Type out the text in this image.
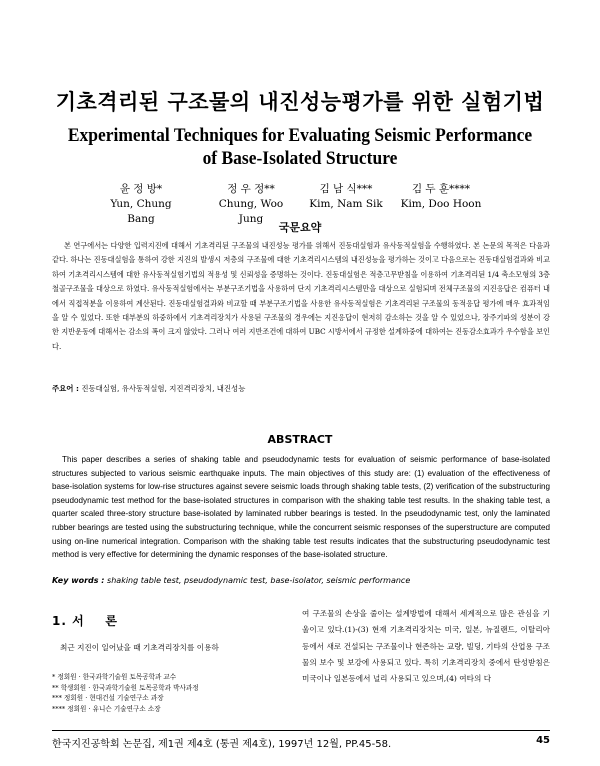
기초격리된 구조물의 내진성능평가를 위한 실험기법
Experimental Techniques for Evaluating Seismic Performance
of Base-Isolated Structure
윤 정 방*
Yun, Chung Bang
정 우 정**
Chung, Woo Jung
김 남 식***
Kim, Nam Sik
김 두 훈****
Kim, Doo Hoon
국문요약
본 연구에서는 다양한 입력지진에 대해서 기초격리된 구조물의 내진성능 평가를 위해서 진동대실험과 유사동적실험을 수행하였다. 본 논문의 목적은 다음과 같다. 하나는 진동대실험을 통하여 강한 지진의 발생시 저층의 구조물에 대한 기초격리시스템의 내진성능을 평가하는 것이고 다음으로는 진동대실험결과와 비교하여 기초격리시스템에 대한 유사동적실험기법의 적용성 및 신뢰성을 증명하는 것이다. 진동대실험은 적층고무받침을 이용하여 기초격리된 1/4 축소모형의 3층 철골구조물을 대상으로 하였다. 유사동적실험에서는 부분구조기법을 사용하여 단지 기초격리시스템만을 대상으로 실험되며 전체구조물의 지진응답은 컴퓨터 내에서 직접적분을 이용하여 계산된다. 진동대실험결과와 비교할 때 부분구조기법을 사용한 유사동적실험은 기초격리된 구조물의 동적응답 평가에 매우 효과적임을 알 수 있었다. 또한 대부분의 하중하에서 기초격리장치가 사용된 구조물의 경우에는 지진응답이 현저히 감소하는 것을 알 수 있었으나, 장주기파의 성분이 강한 지반운동에 대해서는 감소의 폭이 크지 않았다. 그러나 여러 지반조건에 대하여 UBC 시방서에서 규정한 설계하중에 대하여는 진동감소효과가 우수함을 보인다.
주요어 : 진동대실험, 유사동적실험, 지진격리장치, 내진성능
ABSTRACT
This paper describes a series of shaking table and pseudodynamic tests for evaluation of seismic performance of base-isolated structures subjected to various seismic earthquake inputs. The main objectives of this study are: (1) evaluation of the effectiveness of base-isolation systems for low-rise structures against severe seismic loads through shaking table tests, (2) verification of the substructuring pseudodynamic test method for the base-isolated structures in comparison with the shaking table test results. In the shaking table test, a quarter scaled three-story structure base-isolated by laminated rubber bearings is tested. In the pseudodynamic test, only the laminated rubber bearings are tested using the substructuring technique, while the concurrent seismic responses of the superstructure are computed using on-line numerical integration. Comparison with the shaking table test results indicates that the substructuring pseudodynamic test method is very effective for determining the dynamic responses of the base-isolated structure.
Key words : shaking table test, pseudodynamic test, base-isolator, seismic performance
1. 서    론
최근 지진이 일어났을 때 기초격리장치를 이용하
* 정회원 · 한국과학기술원 토목공학과 교수
** 학생회원 · 한국과학기술원 토목공학과 박사과정
*** 정회원 · 현대건설 기술연구소 과장
**** 정회원 · 유니슨 기술연구소 소장
여 구조물의 손상을 줄이는 설계방법에 대해서 세계적으로 많은 관심을 기울이고 있다.(1)-(3) 현재 기초격리장치는 미국, 일본, 뉴질랜드, 이탈리아 등에서 새로 건설되는 구조물이나 현존하는 교량, 빌딩, 기타의 산업용 구조물의 보수 및 보강에 사용되고 있다. 특히 기초격리장치 중에서 탄성받침은 미국이나 일본등에서 널리 사용되고 있으며,(4) 여타의 다
한국지진공학회 논문집, 제1권 제4호 (통권 제4호), 1997년 12월, PP.45-58.	45
